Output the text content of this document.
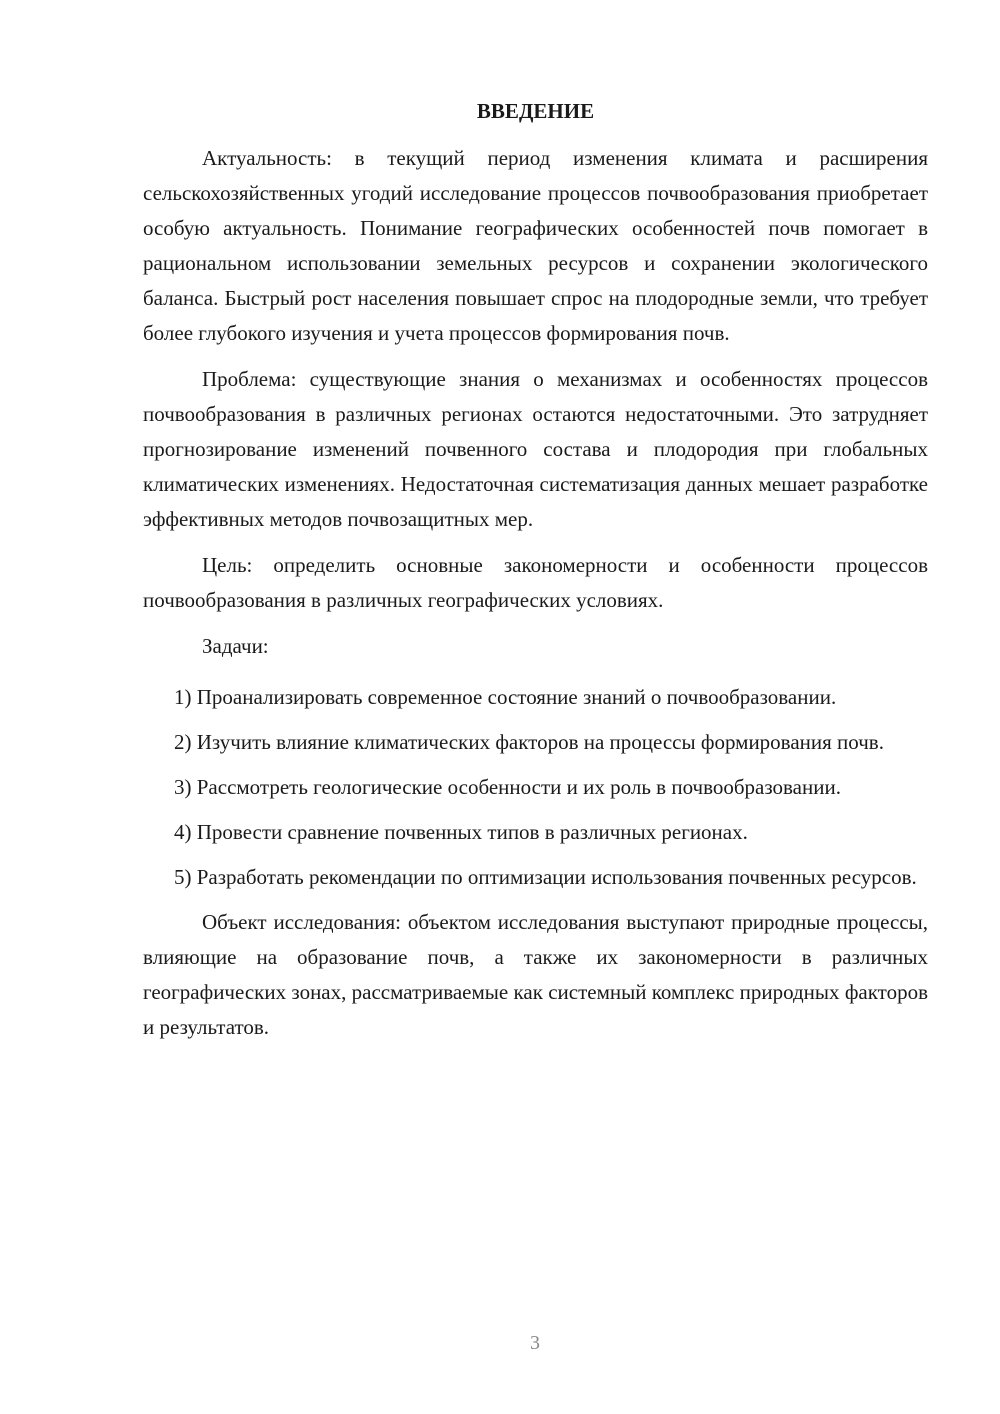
ВВЕДЕНИЕ

Актуальность: в текущий период изменения климата и расширения сельскохозяйственных угодий исследование процессов почвообразования приобретает особую актуальность. Понимание географических особенностей почв помогает в рациональном использовании земельных ресурсов и сохранении экологического баланса. Быстрый рост населения повышает спрос на плодородные земли, что требует более глубокого изучения и учета процессов формирования почв.

Проблема: существующие знания о механизмах и особенностях процессов почвообразования в различных регионах остаются недостаточными. Это затрудняет прогнозирование изменений почвенного состава и плодородия при глобальных климатических изменениях. Недостаточная систематизация данных мешает разработке эффективных методов почвозащитных мер.

Цель: определить основные закономерности и особенности процессов почвообразования в различных географических условиях.

Задачи:

1) Проанализировать современное состояние знаний о почвообразовании.

2) Изучить влияние климатических факторов на процессы формирования почв.

3) Рассмотреть геологические особенности и их роль в почвообразовании.

4) Провести сравнение почвенных типов в различных регионах.

5) Разработать рекомендации по оптимизации использования почвенных ресурсов.

Объект исследования: объектом исследования выступают природные процессы, влияющие на образование почв, а также их закономерности в различных географических зонах, рассматриваемые как системный комплекс природных факторов и результатов.

3
